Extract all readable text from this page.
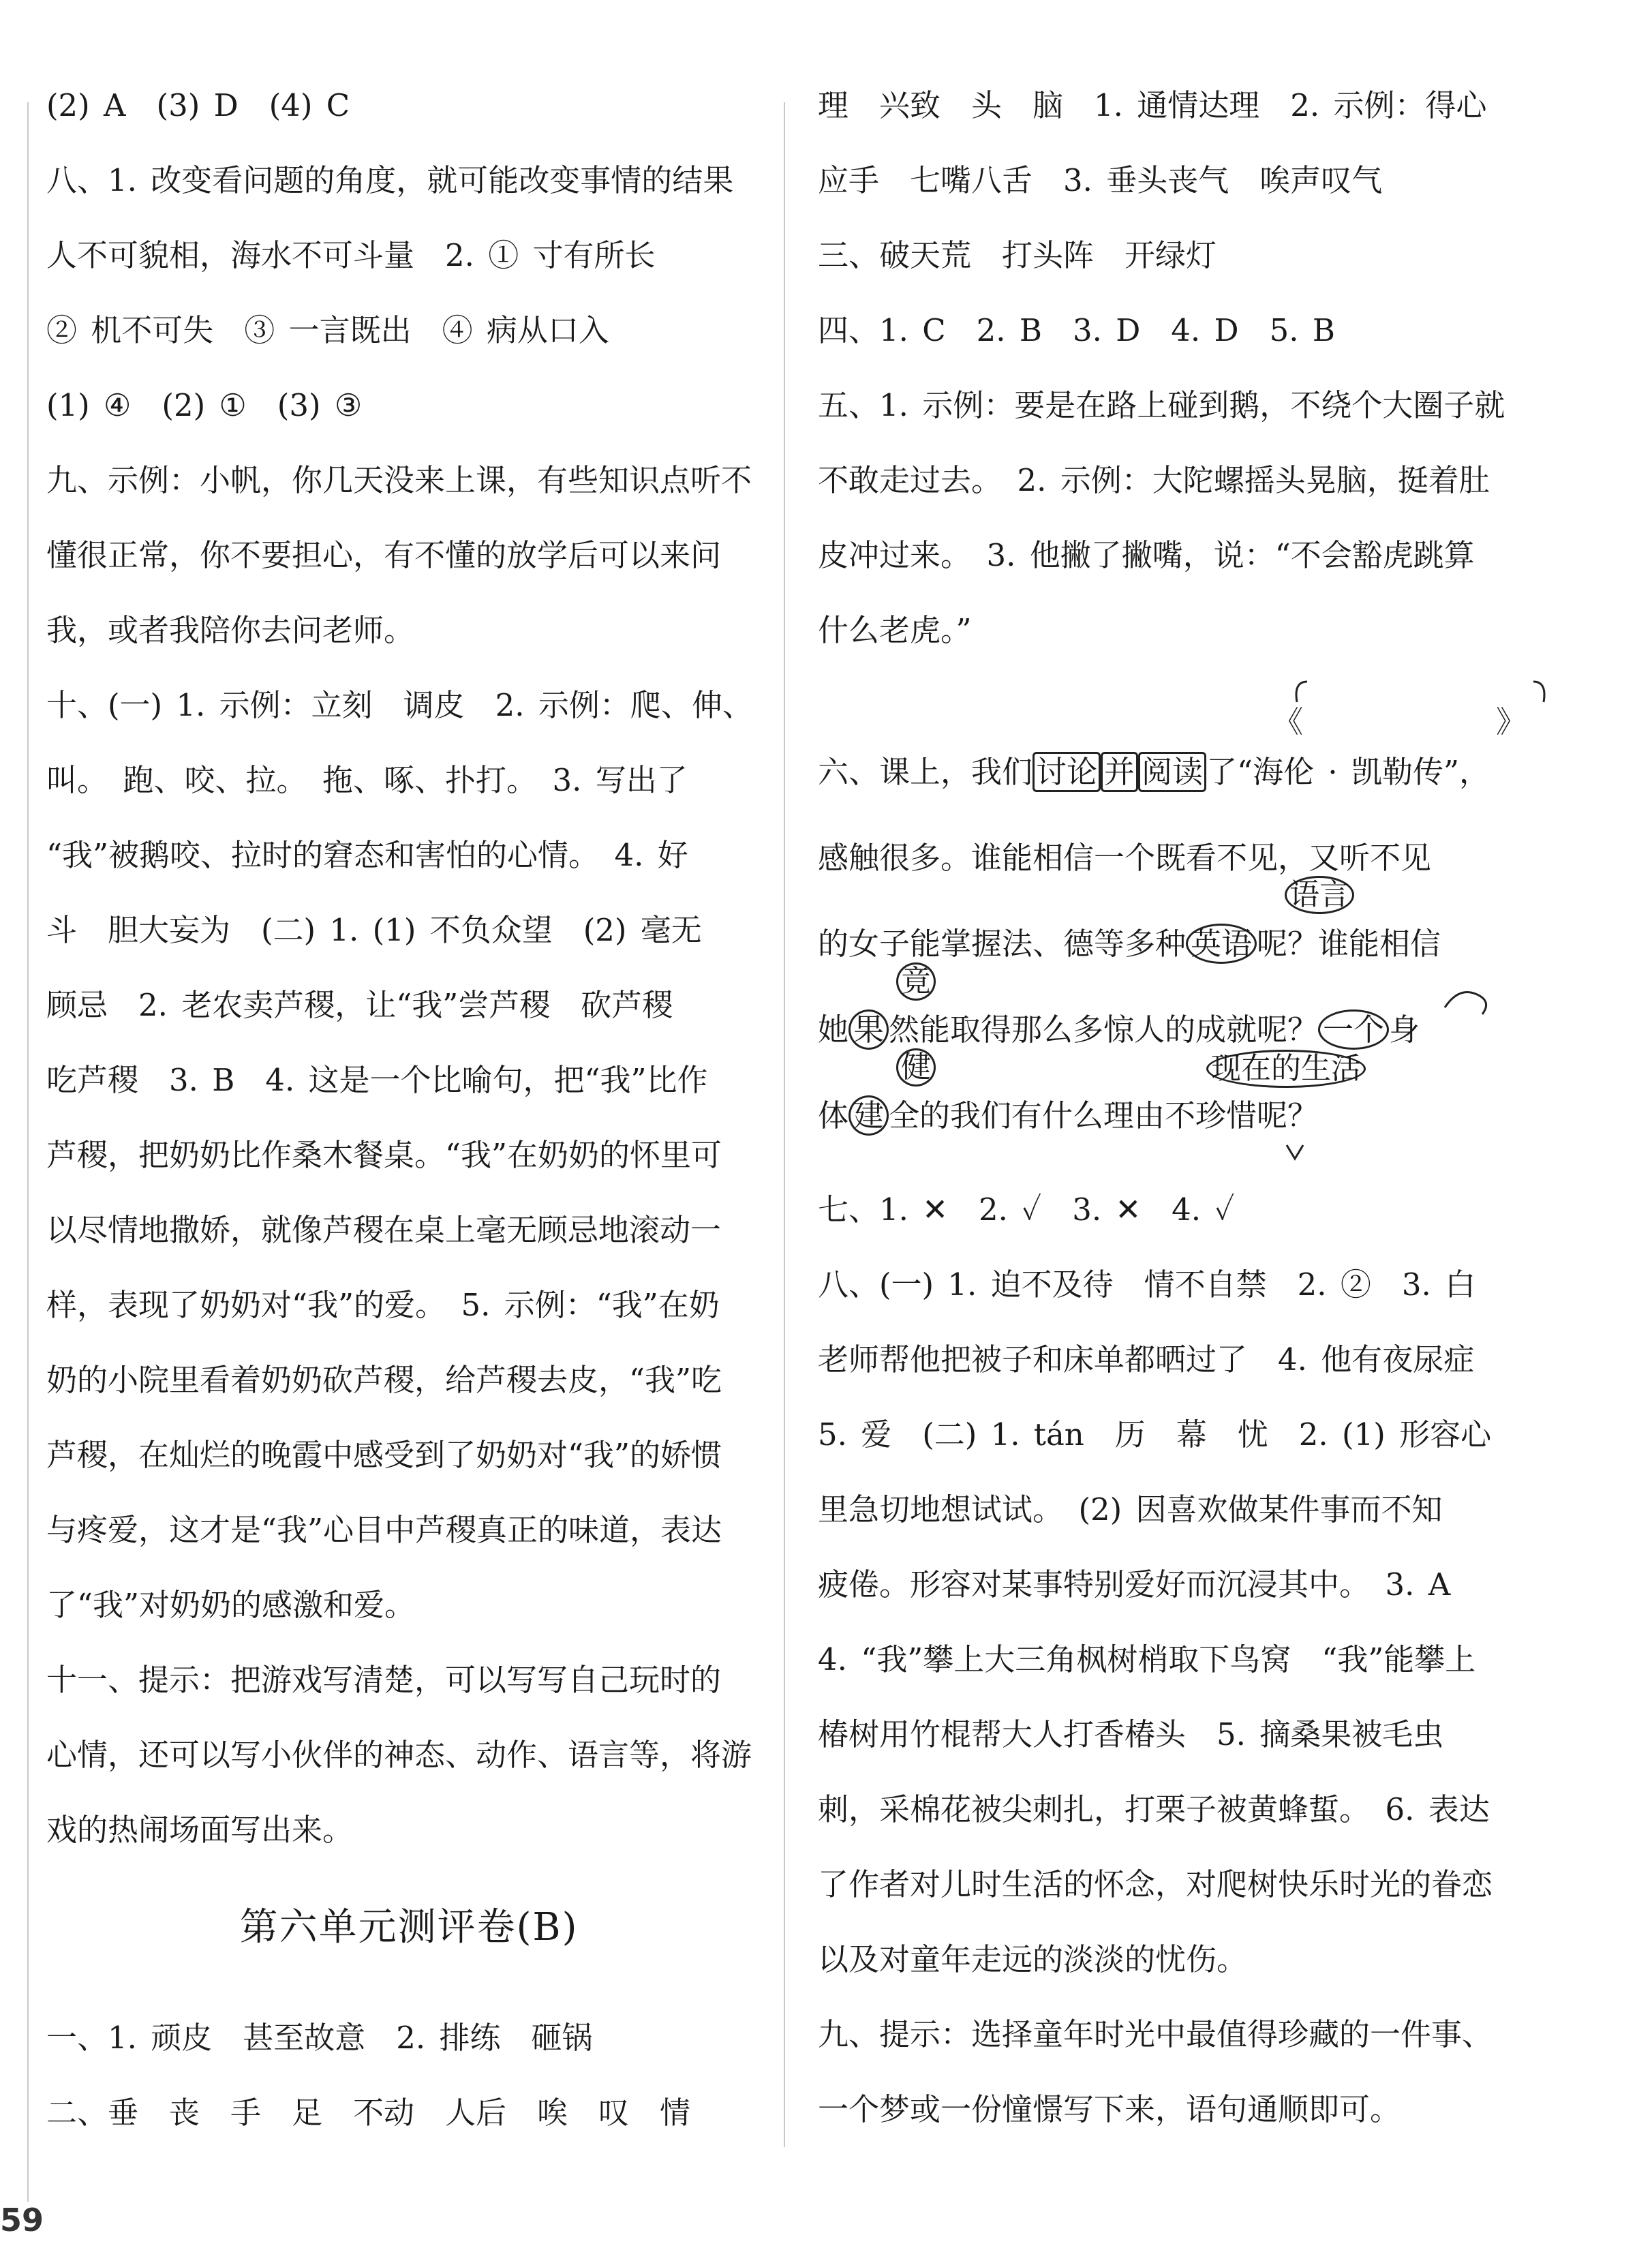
(2) A　(3) D　(4) C

八、1. 改变看问题的角度，就可能改变事情的结果

人不可貌相，海水不可斗量　2. ① 寸有所长

② 机不可失　③ 一言既出　④ 病从口入

(1) ④　(2) ①　(3) ③

九、示例：小帆，你几天没来上课，有些知识点听不

懂很正常，你不要担心，有不懂的放学后可以来问

我，或者我陪你去问老师。

十、(一) 1. 示例：立刻　调皮　2. 示例：爬、伸、

叫。　跑、咬、拉。　拖、啄、扑打。　3. 写出了

“我”被鹅咬、拉时的窘态和害怕的心情。　4. 好

斗　胆大妄为　(二) 1. (1) 不负众望　(2) 毫无

顾忌　2. 老农卖芦稷，让“我”尝芦稷　砍芦稷

吃芦稷　3. B　4. 这是一个比喻句，把“我”比作

芦稷，把奶奶比作桑木餐桌。“我”在奶奶的怀里可

以尽情地撒娇，就像芦稷在桌上毫无顾忌地滚动一

样，表现了奶奶对“我”的爱。　5. 示例：“我”在奶

奶的小院里看着奶奶砍芦稷，给芦稷去皮，“我”吃

芦稷，在灿烂的晚霞中感受到了奶奶对“我”的娇惯

与疼爱，这才是“我”心目中芦稷真正的味道，表达

了“我”对奶奶的感激和爱。

十一、提示：把游戏写清楚，可以写写自己玩时的

心情，还可以写小伙伴的神态、动作、语言等，将游

戏的热闹场面写出来。

第六单元测评卷(B)

一、1. 顽皮　甚至故意　2. 排练　砸锅

二、垂　丧　手　足　不动　人后　唉　叹　情

理　兴致　头　脑　1. 通情达理　2. 示例：得心

应手　七嘴八舌　3. 垂头丧气　唉声叹气

三、破天荒　打头阵　开绿灯

四、1. C　2. B　3. D　4. D　5. B

五、1. 示例：要是在路上碰到鹅，不绕个大圈子就

不敢走过去。　2. 示例：大陀螺摇头晃脑，挺着肚

皮冲过来。　3. 他撇了撇嘴，说：“不会豁虎跳算

什么老虎。”

六、课上，我们 讨论 并 阅读 了“海伦 · 凯勒传”，

感触很多。谁能相信一个既看不见，又听不见

的女子能掌握法、德等多种 英语 呢？谁能相信

她 果 然能取得那么多惊人的成就呢？ 一个 身

体 建 全的我们有什么理由不珍惜呢？

《	》
语言
竟
健	现在的生活

七、1. ✕　2. ✓　3. ✕　4. ✓

八、(一) 1. 迫不及待　情不自禁　2. ②　3. 白

老师帮他把被子和床单都晒过了　4. 他有夜尿症

5. 爱　(二) 1. tán　历　幕　忧　2. (1) 形容心

里急切地想试试。　(2) 因喜欢做某件事而不知

疲倦。形容对某事特别爱好而沉浸其中。　3. A

4. “我”攀上大三角枫树梢取下鸟窝　“我”能攀上

椿树用竹棍帮大人打香椿头　5. 摘桑果被毛虫

刺，采棉花被尖刺扎，打栗子被黄蜂蜇。　6. 表达

了作者对儿时生活的怀念，对爬树快乐时光的眷恋

以及对童年走远的淡淡的忧伤。

九、提示：选择童年时光中最值得珍藏的一件事、

一个梦或一份憧憬写下来，语句通顺即可。

59
